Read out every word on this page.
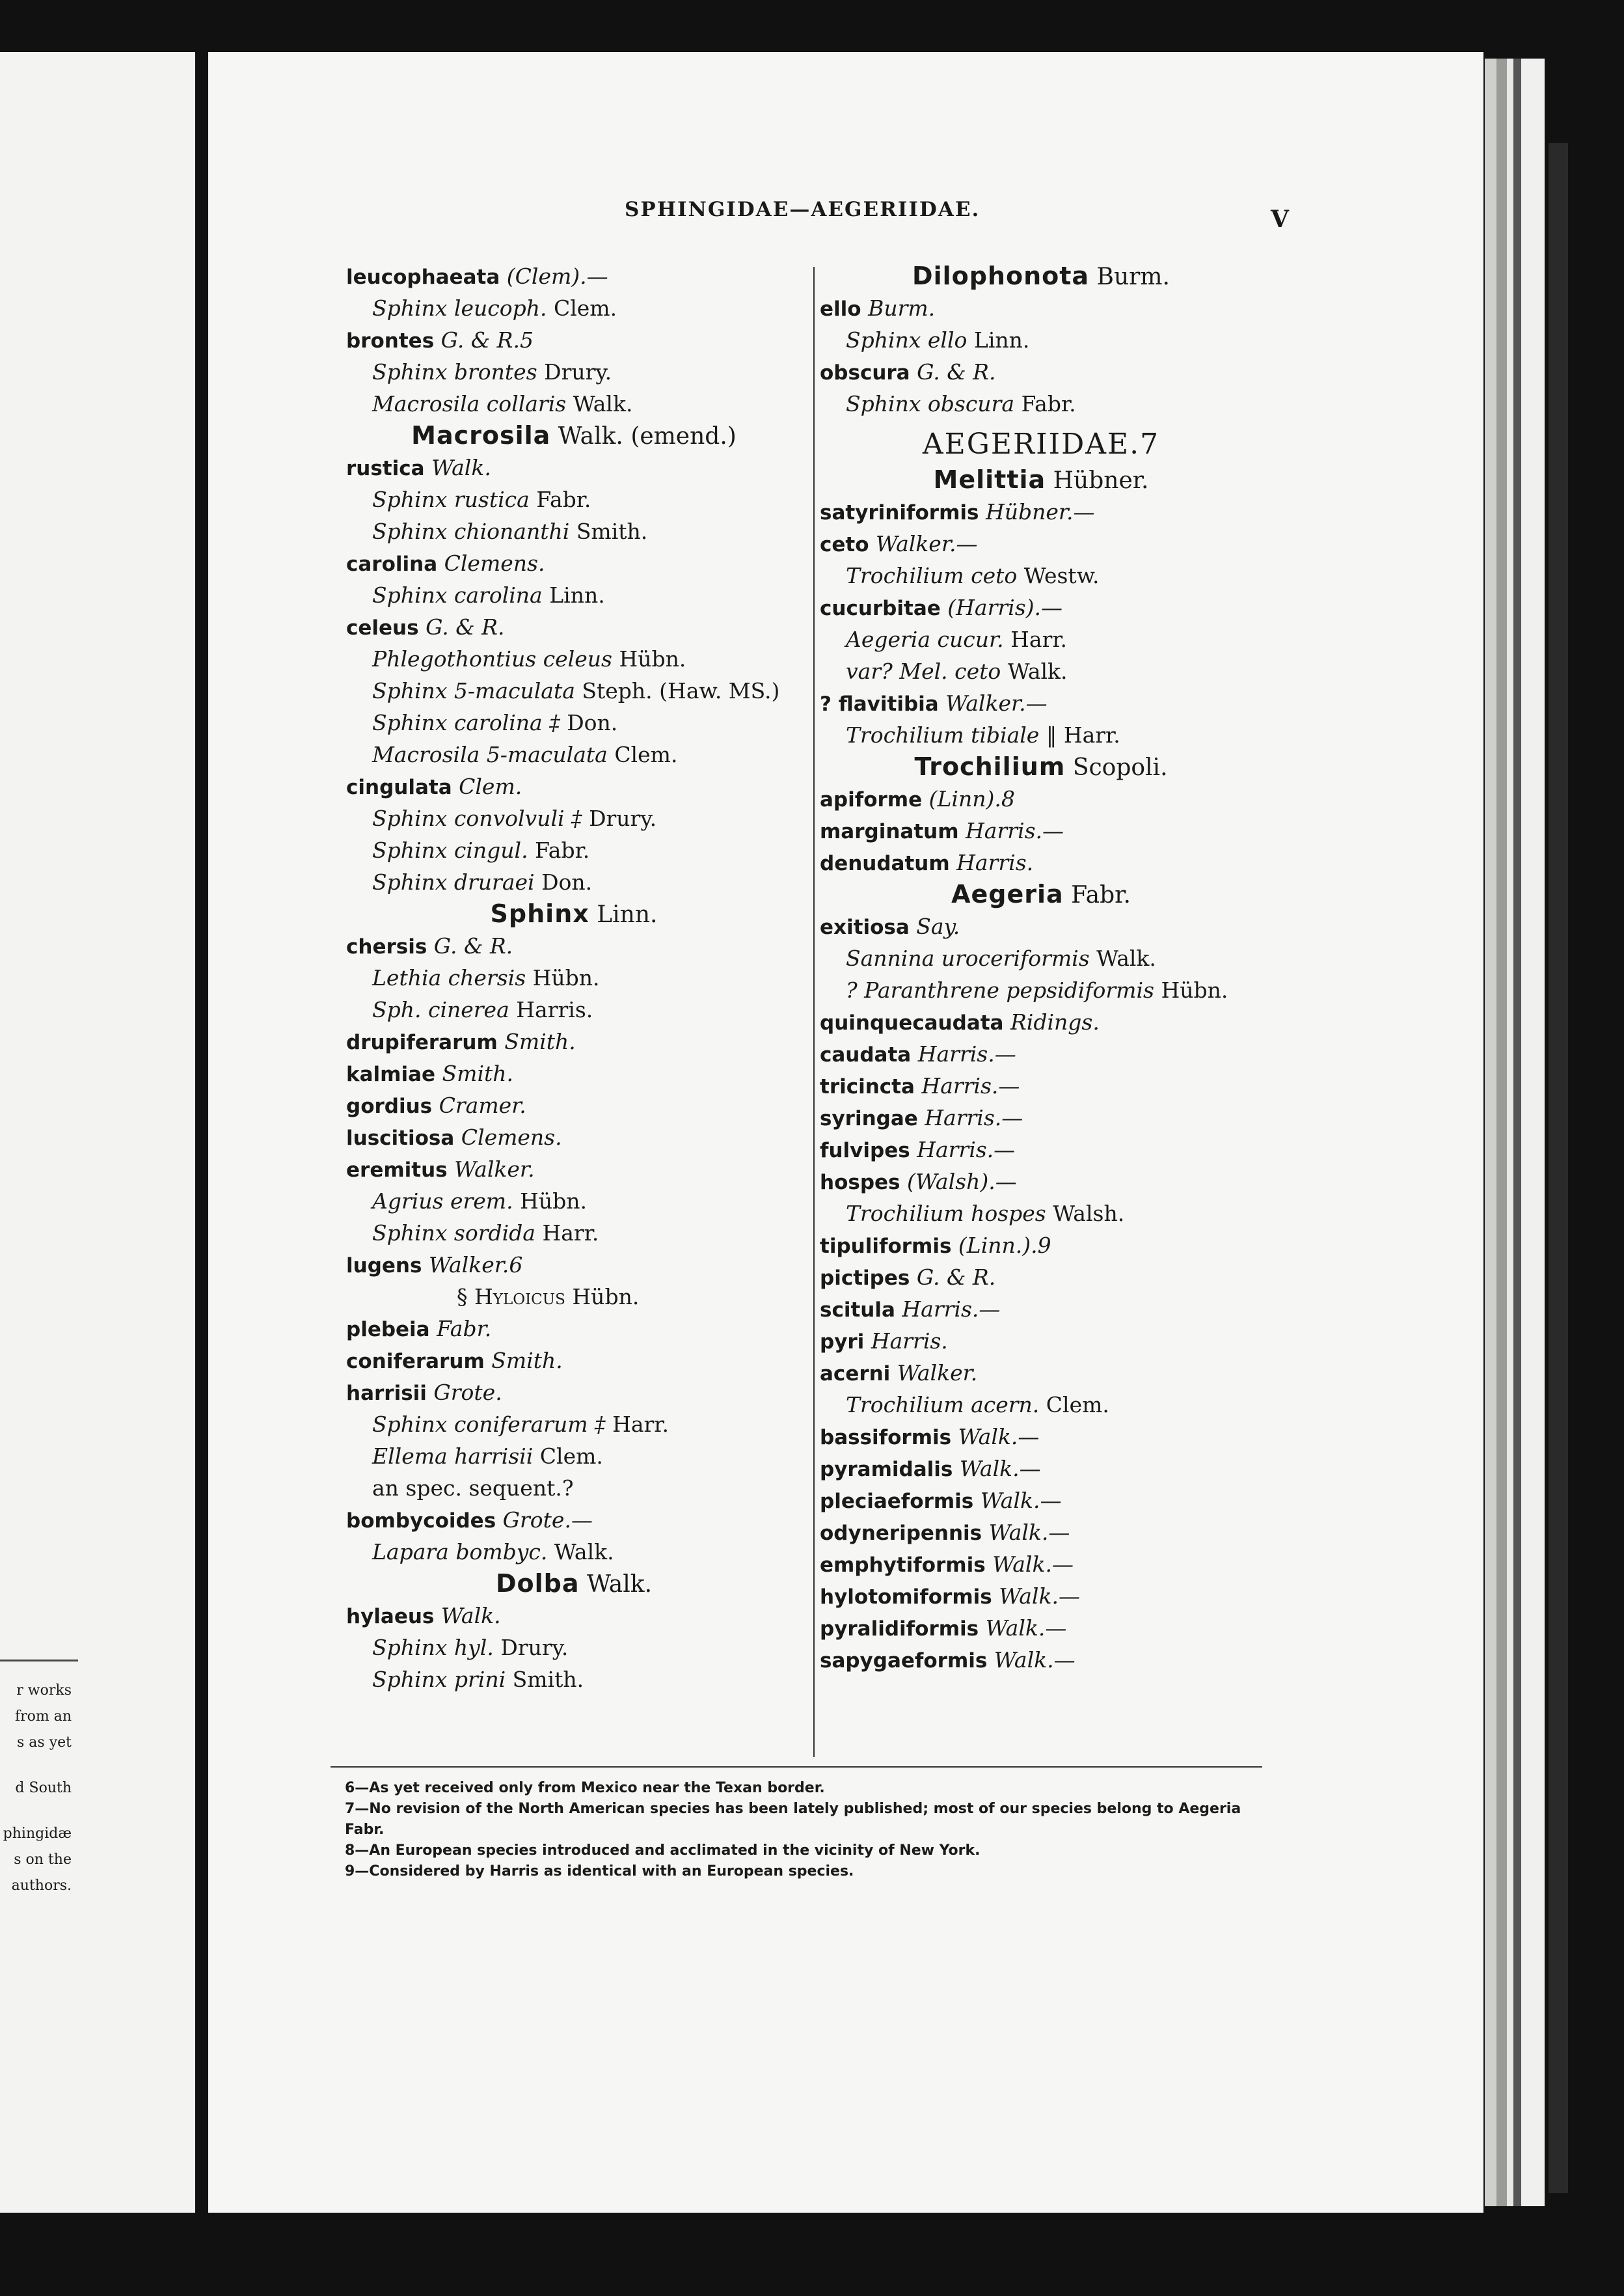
r works
from an
s as yet
d South
phingidæ
s on the
authors.
SPHINGIDAE—AEGERIIDAE.	V
leucophaeata (Clem).—
Sphinx leucoph. Clem.
brontes G. & R.5
Sphinx brontes Drury.
Macrosila collaris Walk.
Macrosila Walk. (emend.)
rustica Walk.
Sphinx rustica Fabr.
Sphinx chionanthi Smith.
carolina Clemens.
Sphinx carolina Linn.
celeus G. & R.
Phlegothontius celeus Hübn.
Sphinx 5-maculata Steph. (Haw. MS.)
Sphinx carolina ‡ Don.
Macrosila 5-maculata Clem.
cingulata Clem.
Sphinx convolvuli ‡ Drury.
Sphinx cingul. Fabr.
Sphinx druraei Don.
Sphinx Linn.
chersis G. & R.
Lethia chersis Hübn.
Sph. cinerea Harris.
drupiferarum Smith.
kalmiae Smith.
gordius Cramer.
luscitiosa Clemens.
eremitus Walker.
Agrius erem. Hübn.
Sphinx sordida Harr.
lugens Walker.6
§ Hyloicus Hübn.
plebeia Fabr.
coniferarum Smith.
harrisii Grote.
Sphinx coniferarum ‡ Harr.
Ellema harrisii Clem.
an spec. sequent.?
bombycoides Grote.—
Lapara bombyc. Walk.
Dolba Walk.
hylaeus Walk.
Sphinx hyl. Drury.
Sphinx prini Smith.
Dilophonota Burm.
ello Burm.
Sphinx ello Linn.
obscura G. & R.
Sphinx obscura Fabr.
AEGERIIDAE.7
Melittia Hübner.
satyriniformis Hübner.—
ceto Walker.—
Trochilium ceto Westw.
cucurbitae (Harris).—
Aegeria cucur. Harr.
var? Mel. ceto Walk.
? flavitibia Walker.—
Trochilium tibiale ‖ Harr.
Trochilium Scopoli.
apiforme (Linn).8
marginatum Harris.—
denudatum Harris.
Aegeria Fabr.
exitiosa Say.
Sannina uroceriformis Walk.
? Paranthrene pepsidiformis Hübn.
quinquecaudata Ridings.
caudata Harris.—
tricincta Harris.—
syringae Harris.—
fulvipes Harris.—
hospes (Walsh).—
Trochilium hospes Walsh.
tipuliformis (Linn.).9
pictipes G. & R.
scitula Harris.—
pyri Harris.
acerni Walker.
Trochilium acern. Clem.
bassiformis Walk.—
pyramidalis Walk.—
pleciaeformis Walk.—
odyneripennis Walk.—
emphytiformis Walk.—
hylotomiformis Walk.—
pyralidiformis Walk.—
sapygaeformis Walk.—
6—As yet received only from Mexico near the Texan border.
7—No revision of the North American species has been lately published; most of our species belong to Aegeria Fabr.
8—An European species introduced and acclimated in the vicinity of New York.
9—Considered by Harris as identical with an European species.
